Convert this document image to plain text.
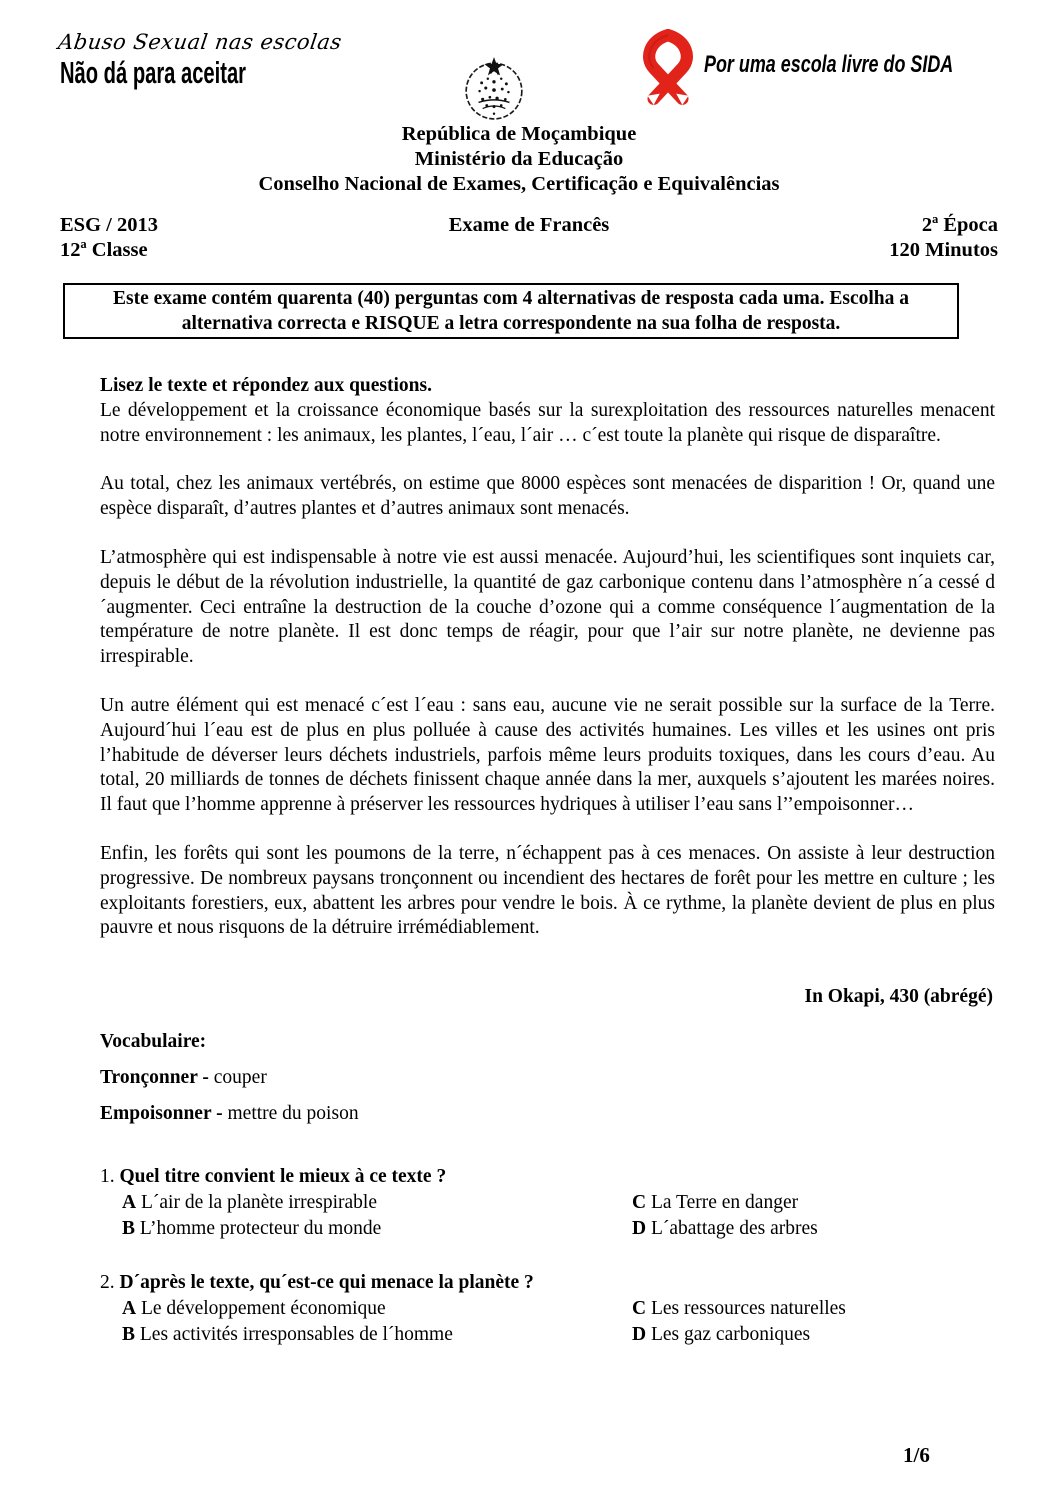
Abuso Sexual nas escolas
Não dá para aceitar	Por uma escola livre do SIDA
República de Moçambique
Ministério da Educação
Conselho Nacional de Exames, Certificação e Equivalências
ESG / 2013	Exame de Francês	2ª Época
12ª Classe	120 Minutos
Este exame contém quarenta (40) perguntas com 4 alternativas de resposta cada uma. Escolha a alternativa correcta e RISQUE a letra correspondente na sua folha de resposta.
Lisez le texte et répondez aux questions.

Le développement et la croissance économique basés sur la surexploitation des ressources naturelles menacent notre environnement : les animaux, les plantes, l´eau, l´air … c´est toute la planète qui risque de disparaître.

Au total, chez les animaux vertébrés, on estime que 8000 espèces sont menacées de disparition ! Or, quand une espèce disparaît, d’autres plantes et d’autres animaux sont menacés.

L’atmosphère qui est indispensable à notre vie est aussi menacée. Aujourd’hui, les scientifiques sont inquiets car, depuis le début de la révolution industrielle, la quantité de gaz carbonique contenu dans l’atmosphère n´a cessé d´augmenter. Ceci entraîne la destruction de la couche d’ozone qui a comme conséquence l´augmentation de la température de notre planète. Il est donc temps de réagir, pour que l’air sur notre planète, ne devienne pas irrespirable.

Un autre élément qui est menacé c´est l´eau : sans eau, aucune vie ne serait possible sur la surface de la Terre. Aujourd´hui l´eau est de plus en plus polluée à cause des activités humaines. Les villes et les usines ont pris l’habitude de déverser leurs déchets industriels, parfois même leurs produits toxiques, dans les cours d’eau. Au total, 20 milliards de tonnes de déchets finissent chaque année dans la mer, auxquels s’ajoutent les marées noires. Il faut que l’homme apprenne à préserver les ressources hydriques à utiliser l’eau sans l’’empoisonner…

Enfin, les forêts qui sont les poumons de la terre, n´échappent pas à ces menaces. On assiste à leur destruction progressive. De nombreux paysans tronçonnent ou incendient des hectares de forêt pour les mettre en culture ; les exploitants forestiers, eux, abattent les arbres pour vendre le bois. À ce rythme, la planète devient de plus en plus pauvre et nous risquons de la détruire irrémédiablement.

In Okapi, 430 (abrégé)
Vocabulaire:
Tronçonner - couper
Empoisonner - mettre du poison
1. Quel titre convient le mieux à ce texte ?
A L´air de la planète irrespirable	C La Terre en danger
B L’homme protecteur du monde	D L´abattage des arbres
2. D´après le texte, qu´est-ce qui menace la planète ?
A Le développement économique	C Les ressources naturelles
B Les activités irresponsables de l´homme	D Les gaz carboniques
1/6
